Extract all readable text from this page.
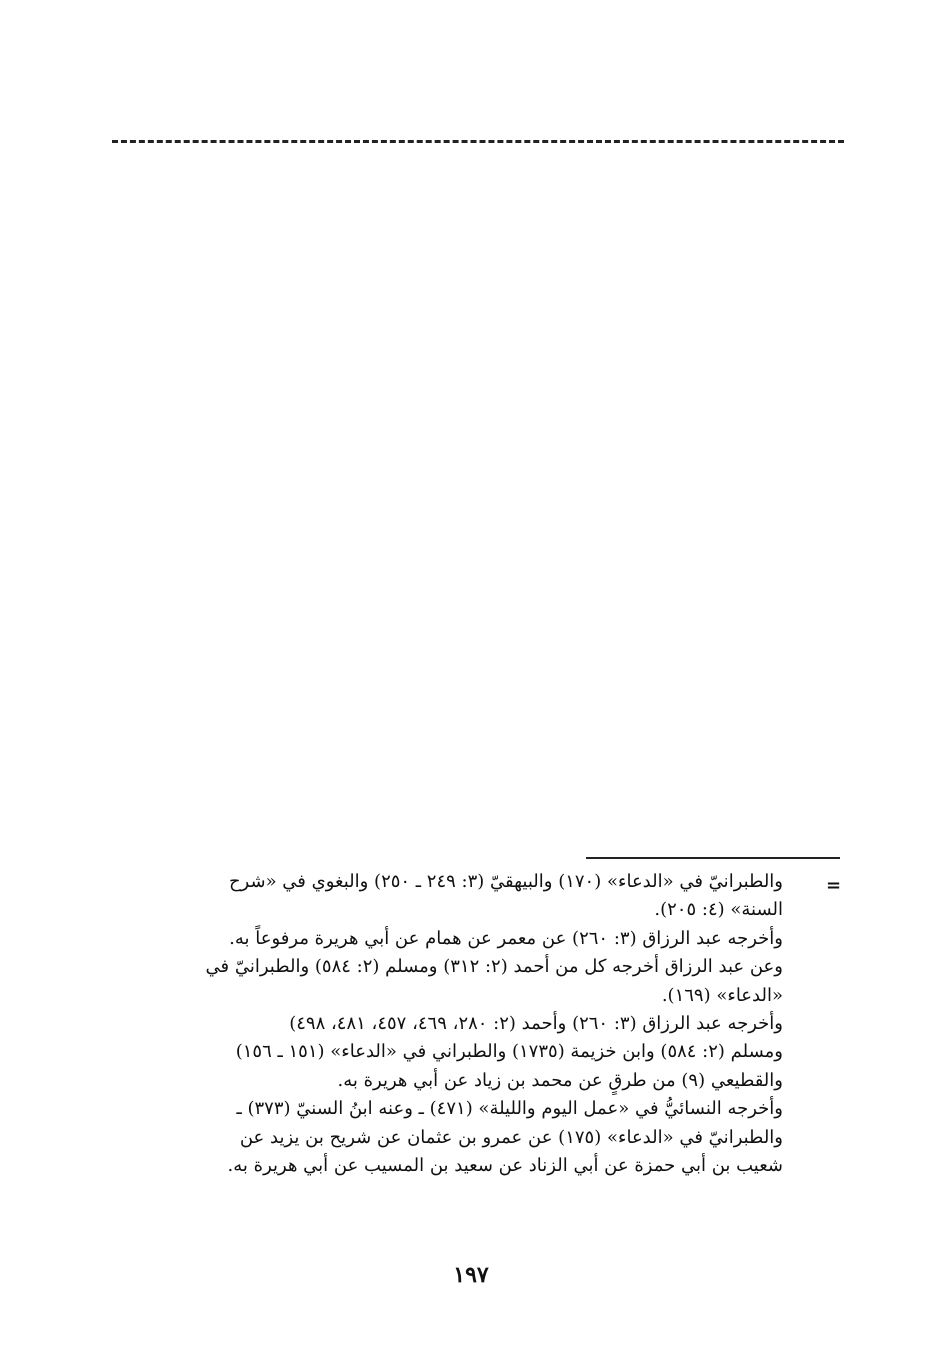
=
والطبرانيّ في «الدعاء» (١٧٠) والبيهقيّ (٣: ٢٤٩ ـ ٢٥٠) والبغوي في «شرح
السنة» (٤: ٢٠٥).
وأخرجه عبد الرزاق (٣: ٢٦٠) عن معمر عن همام عن أبي هريرة مرفوعاً به.
وعن عبد الرزاق أخرجه كل من أحمد (٢: ٣١٢) ومسلم (٢: ٥٨٤) والطبرانيّ في
«الدعاء» (١٦٩).
وأخرجه عبد الرزاق (٣: ٢٦٠) وأحمد (٢: ٢٨٠، ٤٦٩، ٤٥٧، ٤٨١، ٤٩٨)
ومسلم (٢: ٥٨٤) وابن خزيمة (١٧٣٥) والطبراني في «الدعاء» (١٥١ ـ ١٥٦)
والقطيعي (٩) من طرقٍ عن محمد بن زياد عن أبي هريرة به.
وأخرجه النسائيُّ في «عمل اليوم والليلة» (٤٧١) ـ وعنه ابنُ السنيّ (٣٧٣) ـ
والطبرانيّ في «الدعاء» (١٧٥) عن عمرو بن عثمان عن شريح بن يزيد عن
شعيب بن أبي حمزة عن أبي الزناد عن سعيد بن المسيب عن أبي هريرة به.
١٩٧
